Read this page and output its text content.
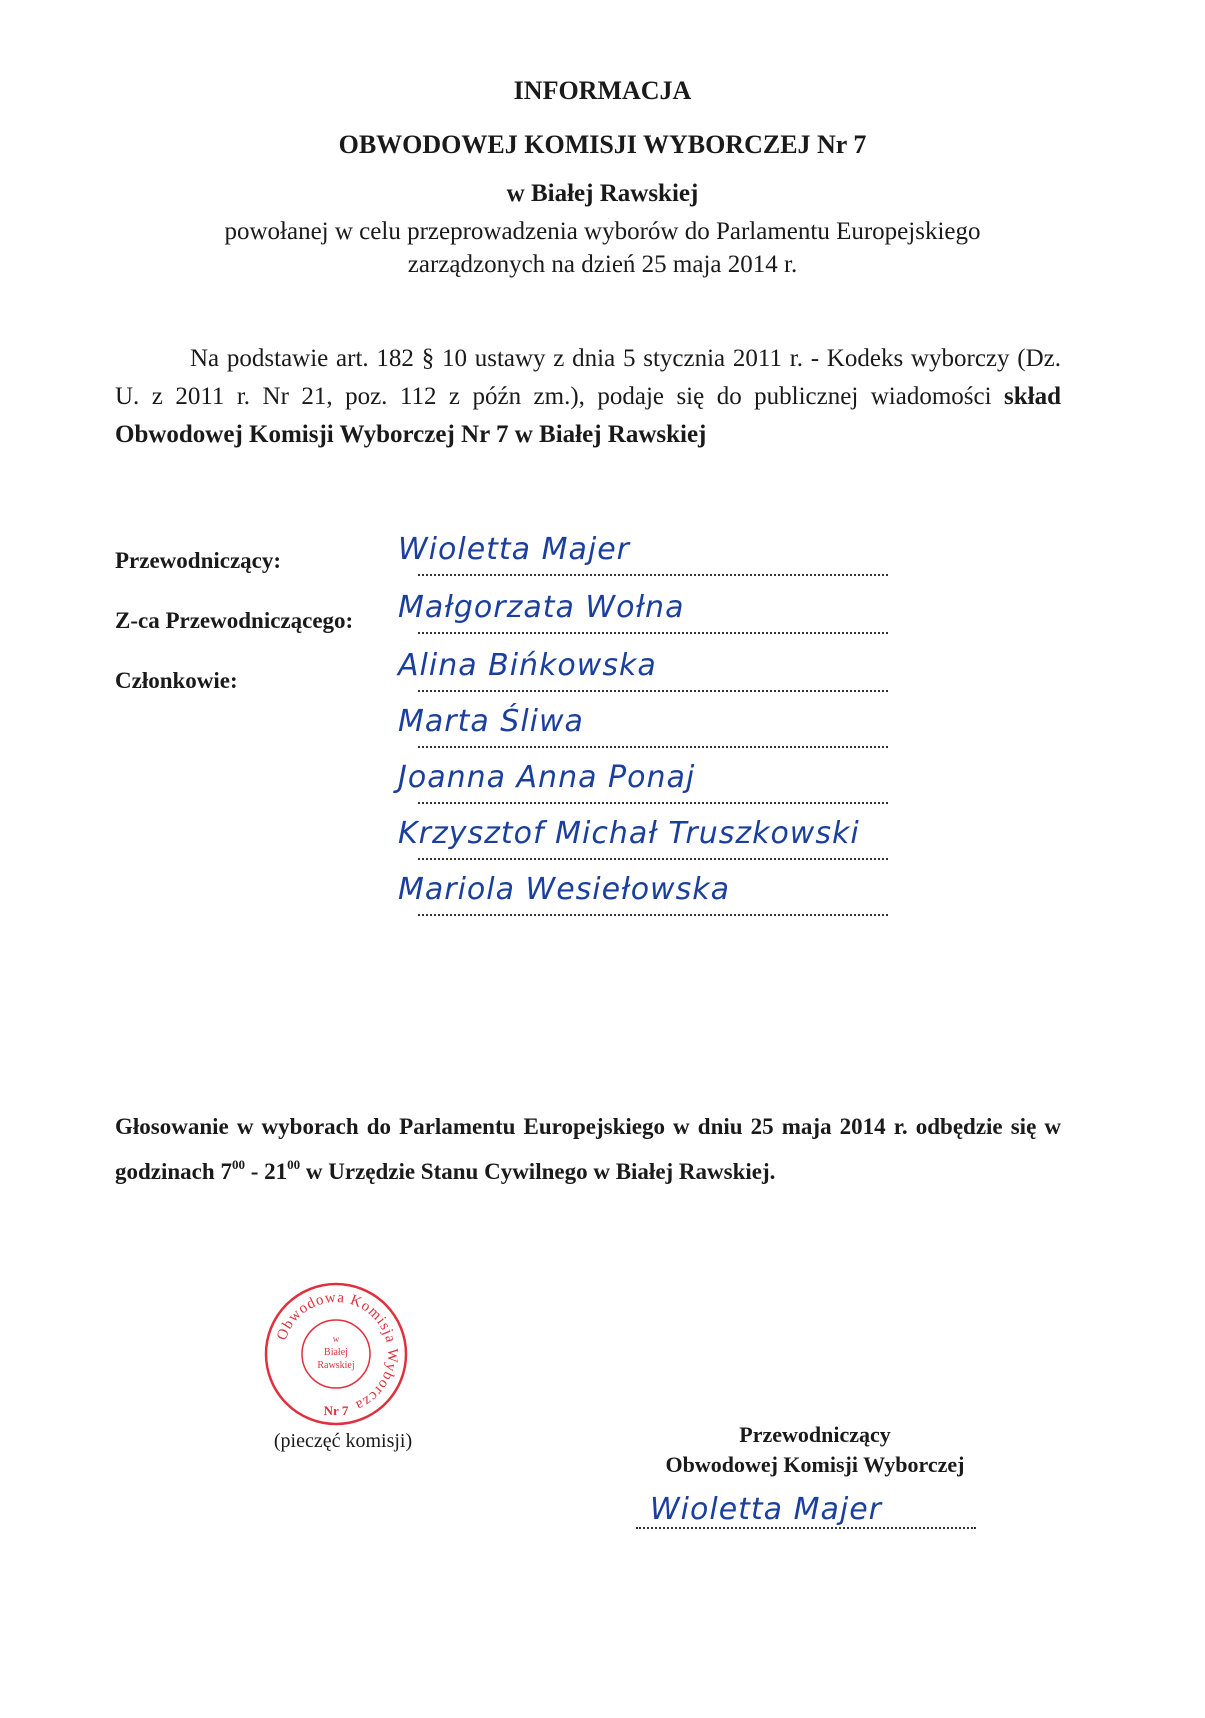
INFORMACJA
OBWODOWEJ KOMISJI WYBORCZEJ Nr 7
w Białej Rawskiej
powołanej w celu przeprowadzenia wyborów do Parlamentu Europejskiego
zarządzonych na dzień 25 maja 2014 r.
Na podstawie art. 182 § 10 ustawy z dnia 5 stycznia 2011 r. - Kodeks wyborczy (Dz. U. z 2011 r. Nr 21, poz. 112 z późn zm.), podaje się do publicznej wiadomości skład Obwodowej Komisji Wyborczej Nr 7 w Białej Rawskiej
Przewodniczący:	Wioletta Majer
Z-ca Przewodniczącego: Małgorzata Wołna
Członkowie:	Alina Bińkowska
Marta Śliwa
Joanna Anna Ponaj
Krzysztof Michał Truszkowski
Mariola Wesiełowska
Głosowanie w wyborach do Parlamentu Europejskiego w dniu 25 maja 2014 r. odbędzie się w godzinach $7^{00} - 21^{00}$ w Urzędzie Stanu Cywilnego w Białej Rawskiej.
Obwodowa Komisja Wyborcza
w
Białej
Rawskiej
Nr 7
(pieczęć komisji)	Przewodniczący
Obwodowej Komisji Wyborczej
Wioletta Majer
